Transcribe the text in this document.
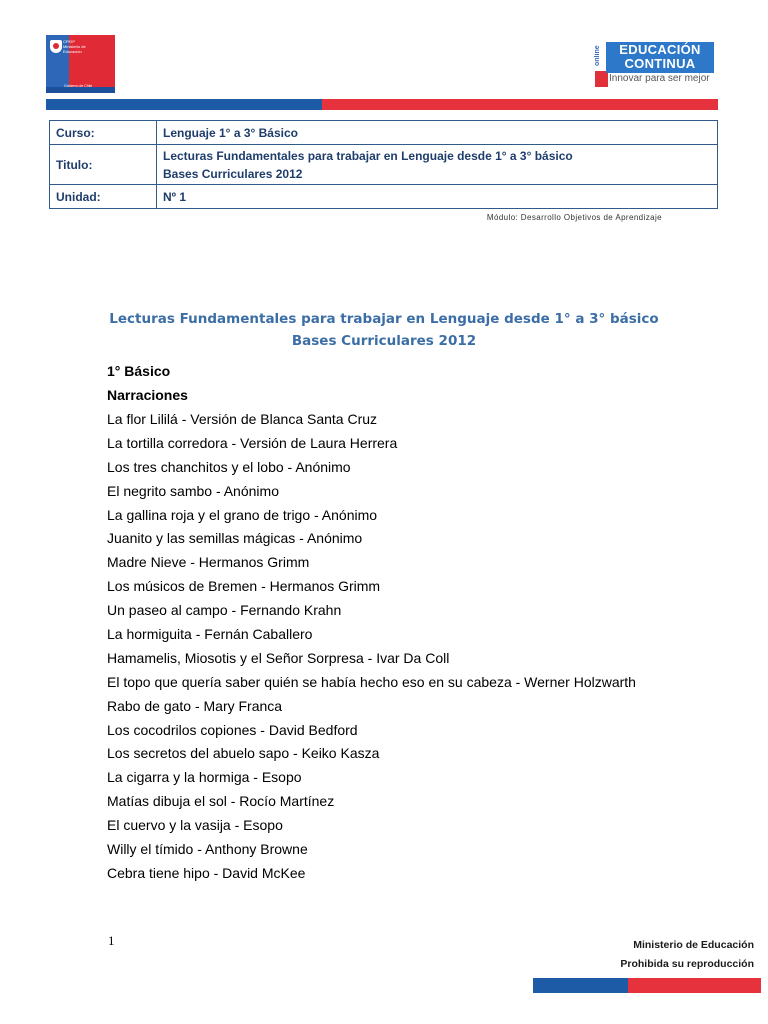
CPEIP
Ministerio de
Educación
Gobierno de Chile
online	EDUCACIÓN
CONTINUA
Innovar para ser mejor
Curso:	Lenguaje 1° a 3° Básico
Titulo:	Lecturas Fundamentales para trabajar en Lenguaje desde 1° a 3° básico
Bases Curriculares 2012

Unidad:	Nº 1
Módulo: Desarrollo Objetivos de Aprendizaje
Lecturas Fundamentales para trabajar en Lenguaje desde 1° a 3° básico
Bases Curriculares 2012
1° Básico
Narraciones
La flor Lililá - Versión de Blanca Santa Cruz
La tortilla corredora - Versión de Laura Herrera
Los tres chanchitos y el lobo - Anónimo
El negrito sambo - Anónimo
La gallina roja y el grano de trigo - Anónimo
Juanito y las semillas mágicas - Anónimo
Madre Nieve - Hermanos Grimm
Los músicos de Bremen - Hermanos Grimm
Un paseo al campo - Fernando Krahn
La hormiguita - Fernán Caballero
Hamamelis, Miosotis y el Señor Sorpresa - Ivar Da Coll
El topo que quería saber quién se había hecho eso en su cabeza - Werner Holzwarth
Rabo de gato - Mary Franca
Los cocodrilos copiones - David Bedford
Los secretos del abuelo sapo - Keiko Kasza
La cigarra y la hormiga - Esopo
Matías dibuja el sol - Rocío Martínez
El cuervo y la vasija - Esopo
Willy el tímido - Anthony Browne
Cebra tiene hipo - David McKee
1	Ministerio de Educación
Prohibida su reproducción
